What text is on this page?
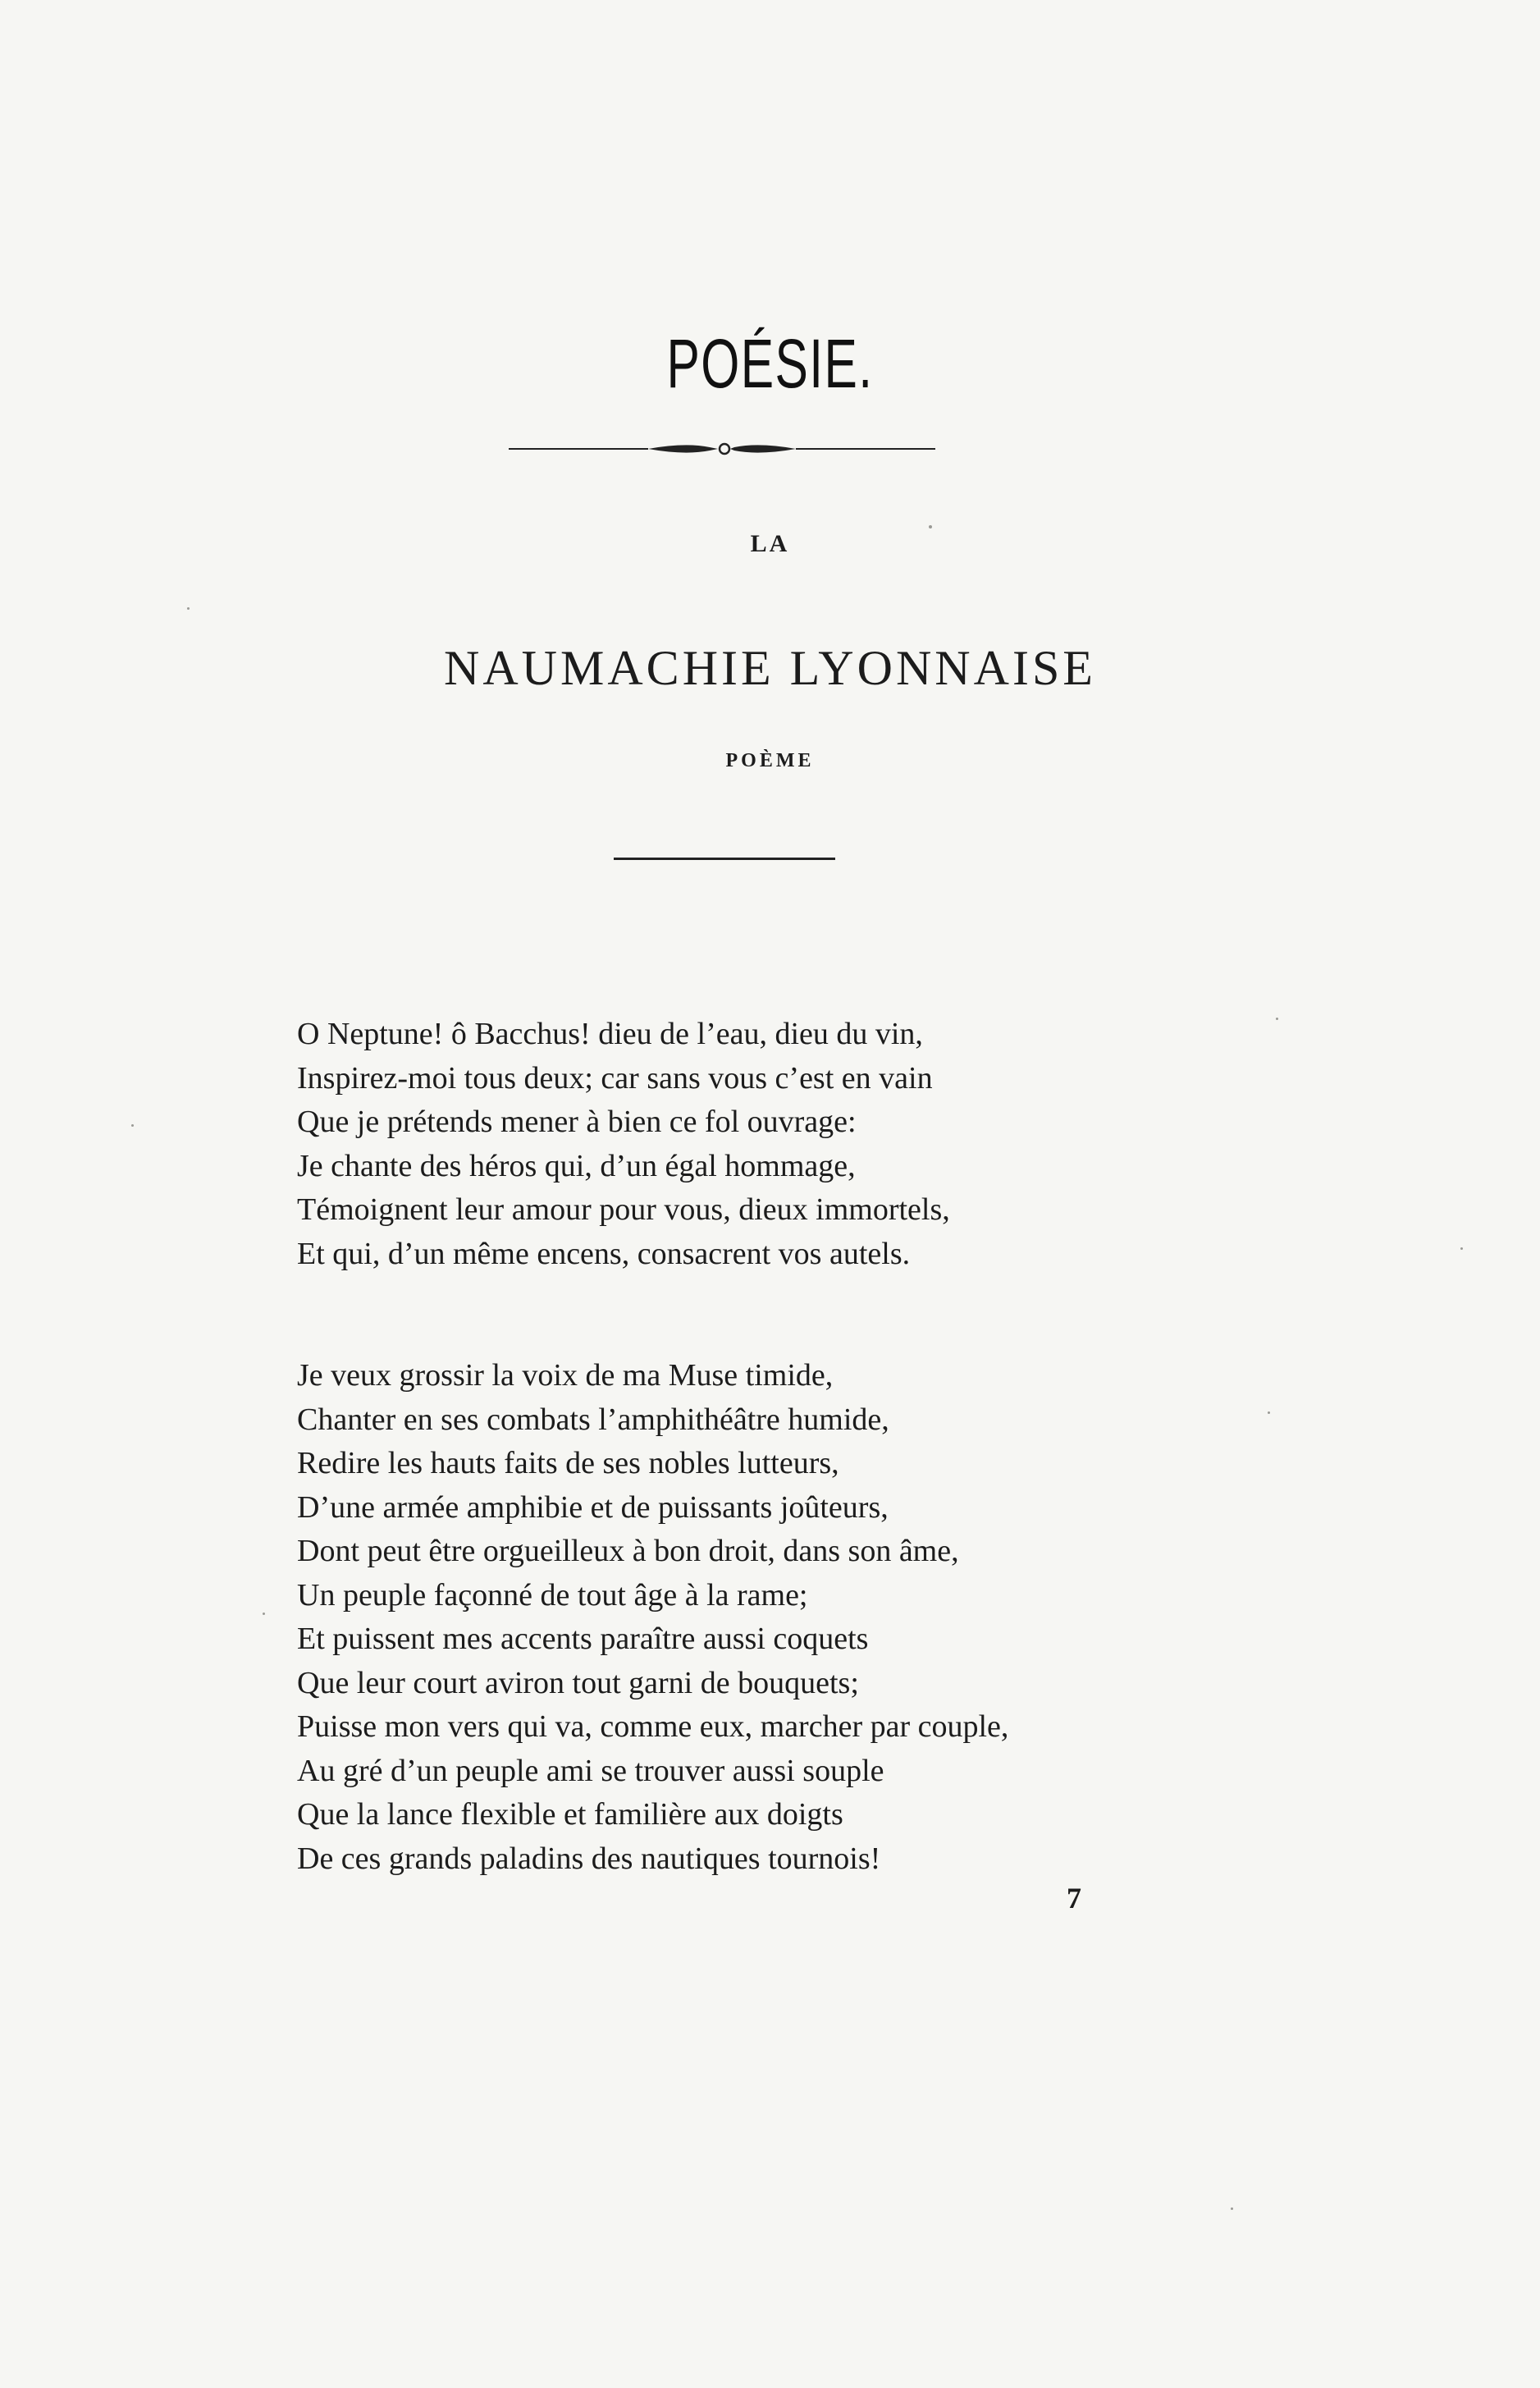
POÉSIE.
LA
NAUMACHIE LYONNAISE
POÈME
O Neptune! ô Bacchus! dieu de l’eau, dieu du vin,
Inspirez-moi tous deux; car sans vous c’est en vain
Que je prétends mener à bien ce fol ouvrage:
Je chante des héros qui, d’un égal hommage,
Témoignent leur amour pour vous, dieux immortels,
Et qui, d’un même encens, consacrent vos autels.
Je veux grossir la voix de ma Muse timide,
Chanter en ses combats l’amphithéâtre humide,
Redire les hauts faits de ses nobles lutteurs,
D’une armée amphibie et de puissants joûteurs,
Dont peut être orgueilleux à bon droit, dans son âme,
Un peuple façonné de tout âge à la rame;
Et puissent mes accents paraître aussi coquets
Que leur court aviron tout garni de bouquets;
Puisse mon vers qui va, comme eux, marcher par couple,
Au gré d’un peuple ami se trouver aussi souple
Que la lance flexible et familière aux doigts
De ces grands paladins des nautiques tournois!
7
